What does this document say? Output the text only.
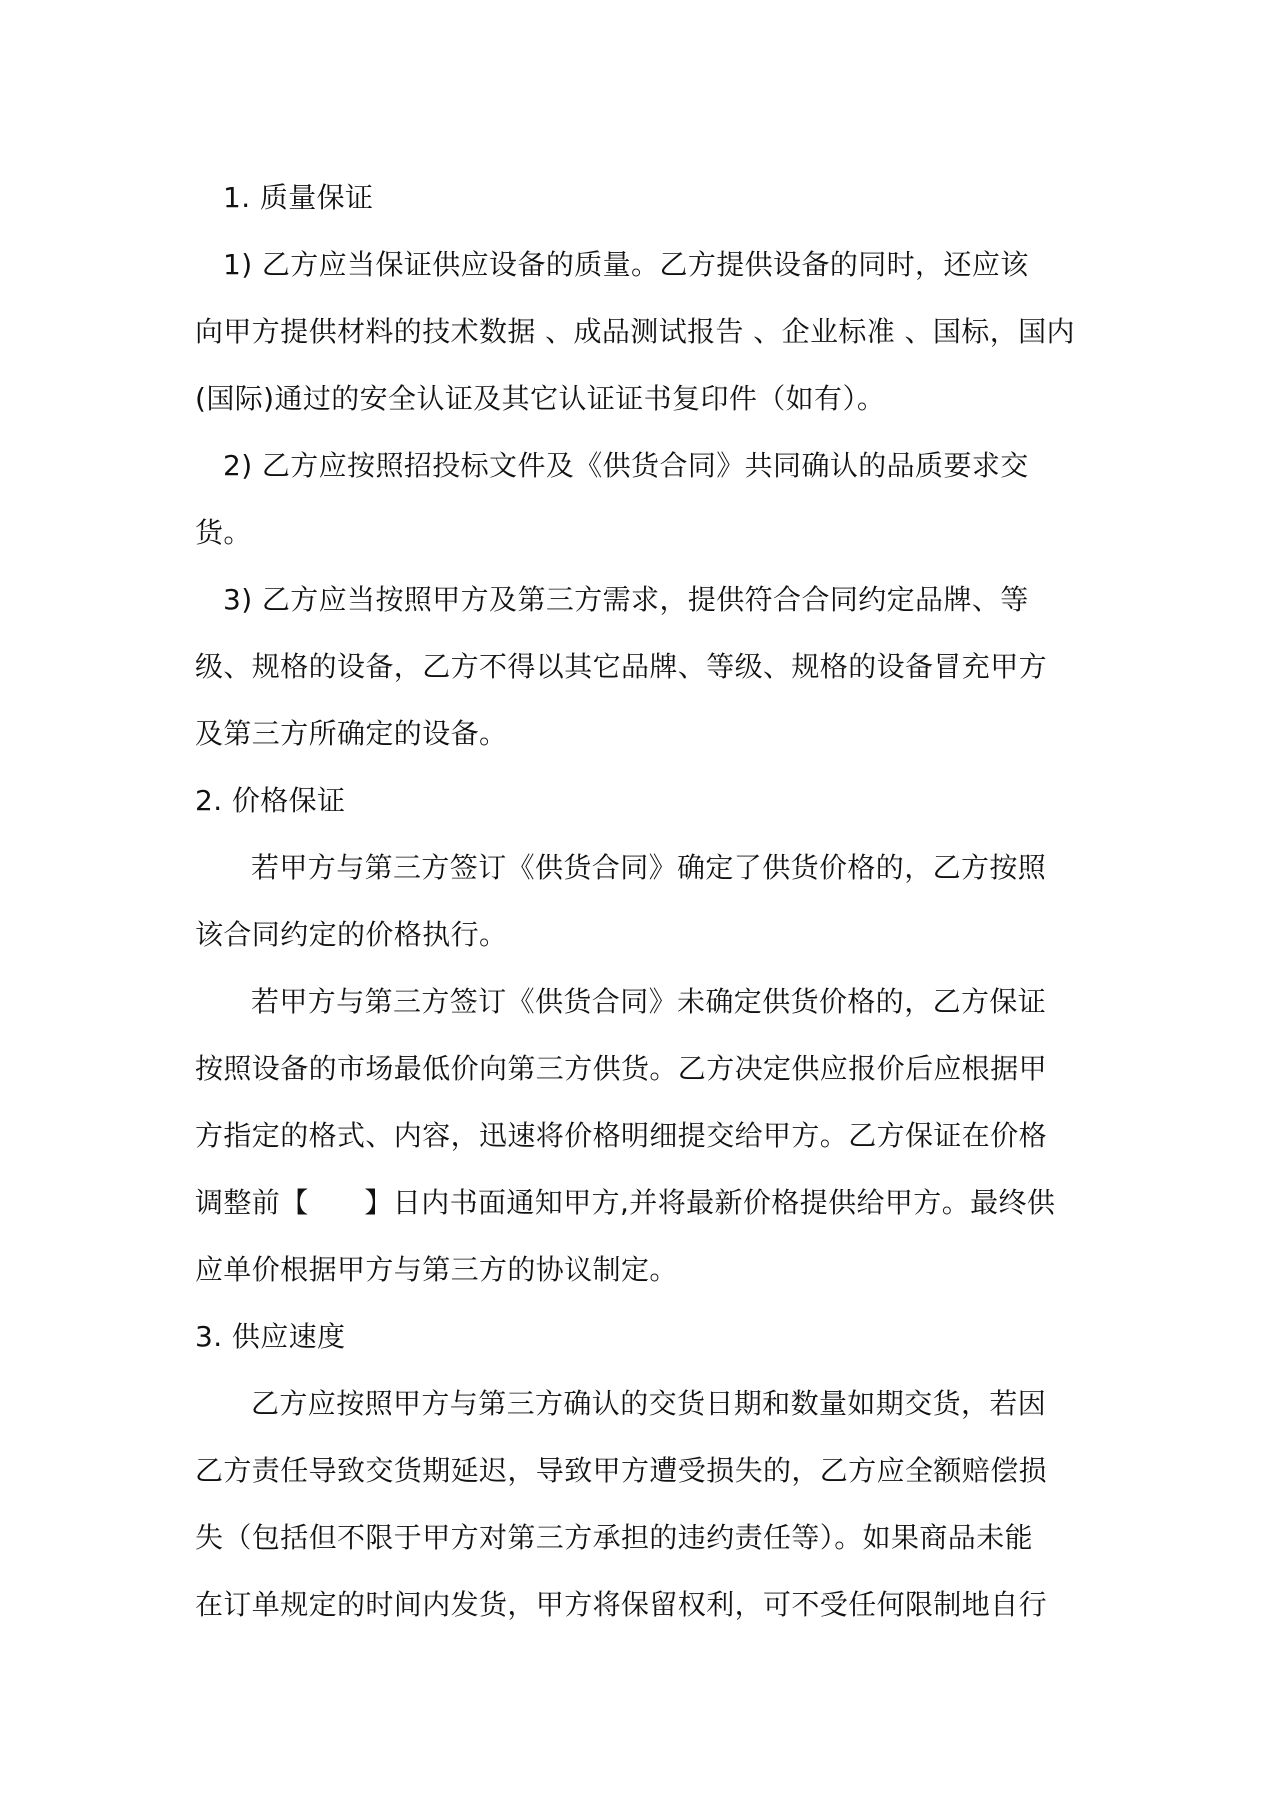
1. 质量保证
1) 乙方应当保证供应设备的质量。乙方提供设备的同时，还应该
向甲方提供材料的技术数据 、成品测试报告 、企业标准 、国标，国内
(国际)通过的安全认证及其它认证证书复印件（如有）。
2) 乙方应按照招投标文件及《供货合同》共同确认的品质要求交
货。
3) 乙方应当按照甲方及第三方需求，提供符合合同约定品牌、等
级、规格的设备，乙方不得以其它品牌、等级、规格的设备冒充甲方
及第三方所确定的设备。
2. 价格保证
若甲方与第三方签订《供货合同》确定了供货价格的，乙方按照
该合同约定的价格执行。
若甲方与第三方签订《供货合同》未确定供货价格的，乙方保证
按照设备的市场最低价向第三方供货。乙方决定供应报价后应根据甲
方指定的格式、内容，迅速将价格明细提交给甲方。乙方保证在价格
调整前【      】日内书面通知甲方,并将最新价格提供给甲方。最终供
应单价根据甲方与第三方的协议制定。
3. 供应速度
乙方应按照甲方与第三方确认的交货日期和数量如期交货，若因
乙方责任导致交货期延迟，导致甲方遭受损失的，乙方应全额赔偿损
失（包括但不限于甲方对第三方承担的违约责任等）。如果商品未能
在订单规定的时间内发货，甲方将保留权利，可不受任何限制地自行
